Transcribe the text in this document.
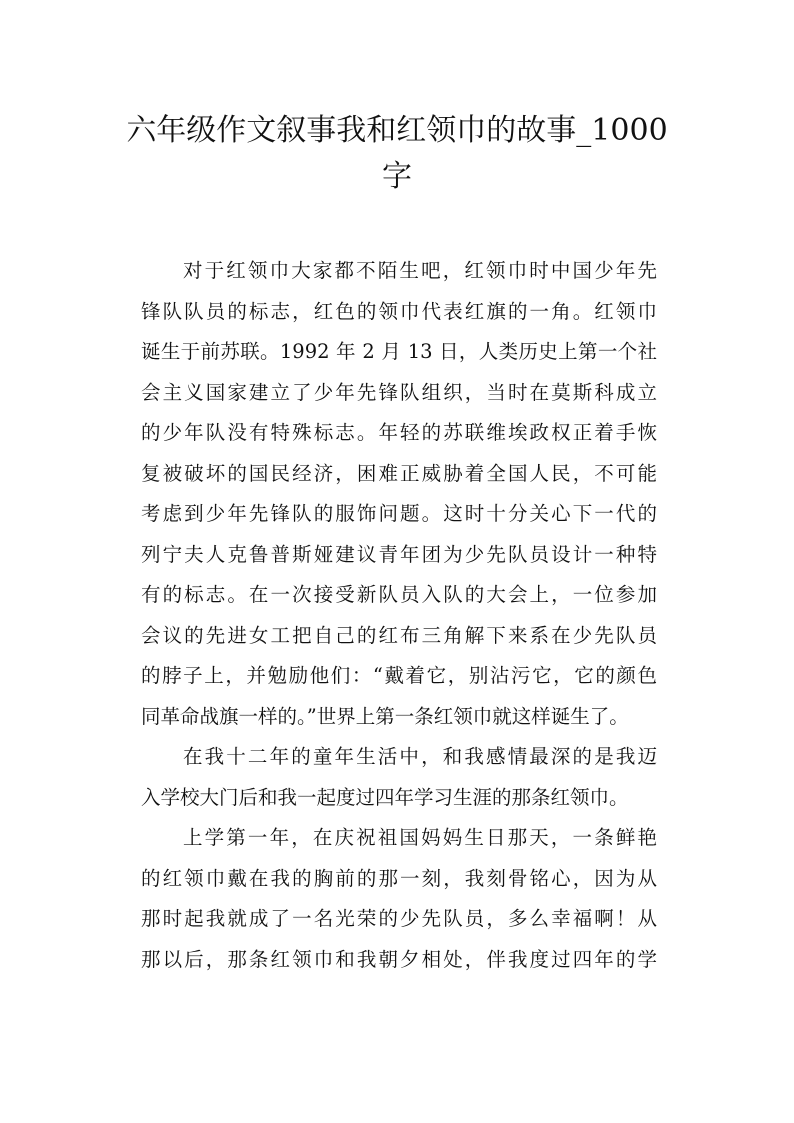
六年级作文叙事我和红领巾的故事_1000
字
对于红领巾大家都不陌生吧，红领巾时中国少年先
锋队队员的标志，红色的领巾代表红旗的一角。红领巾
诞生于前苏联。1992 年 2 月 13 日，人类历史上第一个社
会主义国家建立了少年先锋队组织，当时在莫斯科成立
的少年队没有特殊标志。年轻的苏联维埃政权正着手恢
复被破坏的国民经济，困难正威胁着全国人民，不可能
考虑到少年先锋队的服饰问题。这时十分关心下一代的
列宁夫人克鲁普斯娅建议青年团为少先队员设计一种特
有的标志。在一次接受新队员入队的大会上，一位参加
会议的先进女工把自己的红布三角解下来系在少先队员
的脖子上，并勉励他们：“戴着它，别沾污它，它的颜色
同革命战旗一样的。”世界上第一条红领巾就这样诞生了。
在我十二年的童年生活中，和我感情最深的是我迈
入学校大门后和我一起度过四年学习生涯的那条红领巾。
上学第一年，在庆祝祖国妈妈生日那天，一条鲜艳
的红领巾戴在我的胸前的那一刻，我刻骨铭心，因为从
那时起我就成了一名光荣的少先队员，多么幸福啊！从
那以后，那条红领巾和我朝夕相处，伴我度过四年的学
